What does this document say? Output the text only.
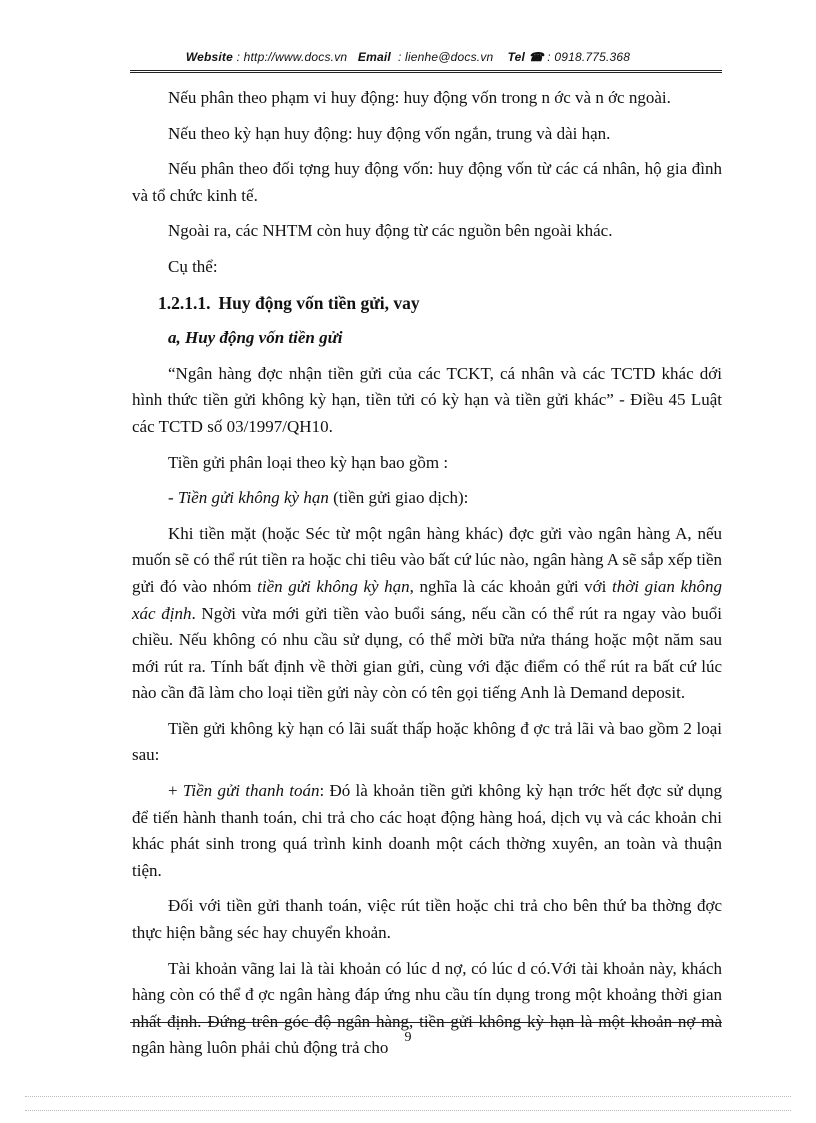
Website : http://www.docs.vn Email : lienhe@docs.vn Tel ☎ : 0918.775.368

Nếu phân theo phạm vi huy động: huy động vốn trong n ớc và n ớc ngoài.

Nếu theo kỳ hạn huy động: huy động vốn ngắn, trung và dài hạn.

Nếu phân theo đối tợng huy động vốn: huy động vốn từ các cá nhân, hộ gia đình và tổ chức kinh tế.

Ngoài ra, các NHTM còn huy động từ các nguồn bên ngoài khác.

Cụ thể:

1.2.1.1. Huy động vốn tiền gửi, vay
a, Huy động vốn tiền gửi

“Ngân hàng đợc nhận tiền gửi của các TCKT, cá nhân và các TCTD khác dới hình thức tiền gửi không kỳ hạn, tiền tửi có kỳ hạn và tiền gửi khác” - Điều 45 Luật các TCTD số 03/1997/QH10.

Tiền gửi phân loại theo kỳ hạn bao gồm :

- Tiền gửi không kỳ hạn (tiền gửi giao dịch):

Khi tiền mặt (hoặc Séc từ một ngân hàng khác) đợc gửi vào ngân hàng A, nếu muốn sẽ có thể rút tiền ra hoặc chi tiêu vào bất cứ lúc nào, ngân hàng A sẽ sắp xếp tiền gửi đó vào nhóm tiền gửi không kỳ hạn, nghĩa là các khoản gửi với thời gian không xác định. Ngời vừa mới gửi tiền vào buổi sáng, nếu cần có thể rút ra ngay vào buổi chiều. Nếu không có nhu cầu sử dụng, có thể mời bữa nửa tháng hoặc một năm sau mới rút ra. Tính bất định về thời gian gửi, cùng với đặc điểm có thể rút ra bất cứ lúc nào cần đã làm cho loại tiền gửi này còn có tên gọi tiếng Anh là Demand deposit.

Tiền gửi không kỳ hạn có lãi suất thấp hoặc không đ ợc trả lãi và bao gồm 2 loại sau:

+ Tiền gửi thanh toán: Đó là khoản tiền gửi không kỳ hạn trớc hết đợc sử dụng để tiến hành thanh toán, chi trả cho các hoạt động hàng hoá, dịch vụ và các khoản chi khác phát sinh trong quá trình kinh doanh một cách thờng xuyên, an toàn và thuận tiện.

Đối với tiền gửi thanh toán, việc rút tiền hoặc chi trả cho bên thứ ba thờng đợc thực hiện bằng séc hay chuyển khoản.

Tài khoản vãng lai là tài khoản có lúc d nợ, có lúc d có.Với tài khoản này, khách hàng còn có thể đ ợc ngân hàng đáp ứng nhu cầu tín dụng trong một khoảng thời gian nhất định. Đứng trên góc độ ngân hàng, tiền gửi không kỳ hạn là một khoản nợ mà ngân hàng luôn phải chủ động trả cho

9
